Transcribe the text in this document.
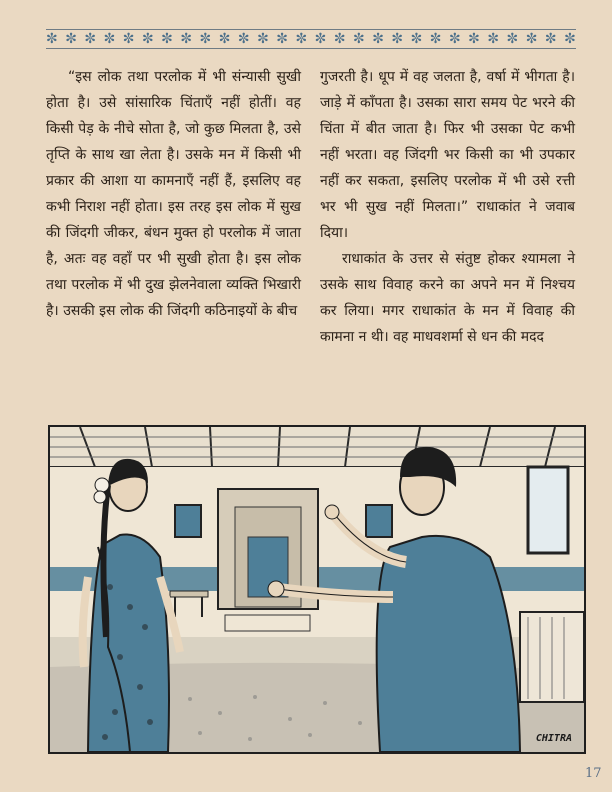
✼ ✼ ✼ ✼ ✼ ✼ ✼ ✼ ✼ ✼ ✼ ✼ ✼ ✼ ✼ ✼ ✼ ✼ ✼ ✼ ✼ ✼ ✼ ✼ ✼ ✼ ✼ ✼

“इस लोक तथा परलोक में भी संन्यासी सुखी होता है। उसे सांसारिक चिंताएँ नहीं होतीं। वह किसी पेड़ के नीचे सोता है, जो कुछ मिलता है, उसे तृप्ति के साथ खा लेता है। उसके मन में किसी भी प्रकार की आशा या कामनाएँ नहीं हैं, इसलिए वह कभी निराश नहीं होता। इस तरह इस लोक में सुख की जिंदगी जीकर, बंधन मुक्त हो परलोक में जाता है, अतः वह वहाँ पर भी सुखी होता है। इस लोक तथा परलोक में भी दुख झेलनेवाला व्यक्ति भिखारी है। उसकी इस लोक की जिंदगी कठिनाइयों के बीच

गुजरती है। धूप में वह जलता है, वर्षा में भीगता है। जाड़े में काँपता है। उसका सारा समय पेट भरने की चिंता में बीत जाता है। फिर भी उसका पेट कभी नहीं भरता। वह जिंदगी भर किसी का भी उपकार नहीं कर सकता, इसलिए परलोक में भी उसे रत्ती भर भी सुख नहीं मिलता।” राधाकांत ने जवाब दिया।

राधाकांत के उत्तर से संतुष्ट होकर श्यामला ने उसके साथ विवाह करने का अपने मन में निश्चय कर लिया। मगर राधाकांत के मन में विवाह की कामना न थी। वह माधवशर्मा से धन की मदद

CHITRA
17
